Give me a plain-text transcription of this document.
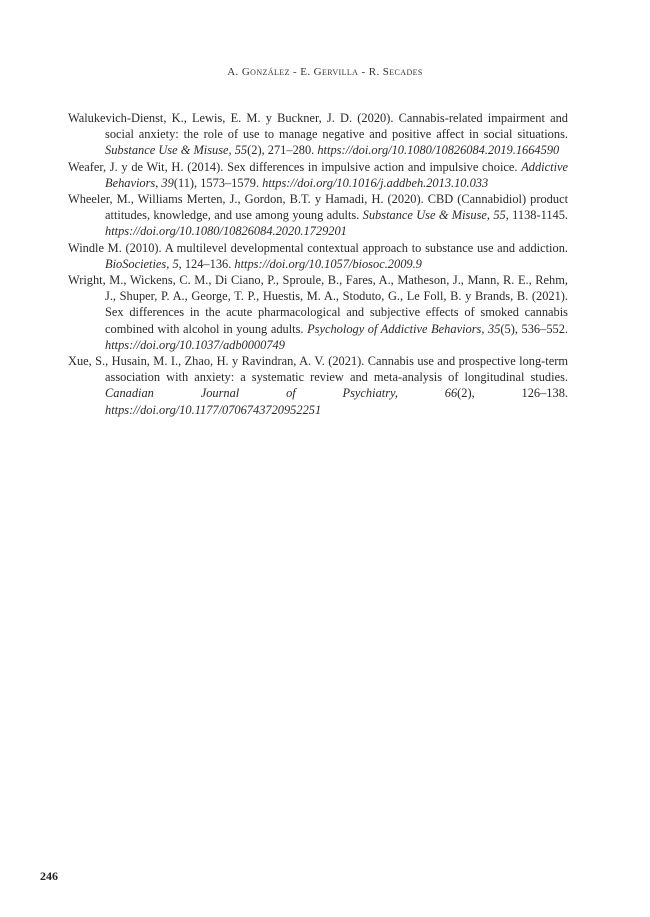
A. González - E. Gervilla - R. Secades

Walukevich-Dienst, K., Lewis, E. M. y Buckner, J. D. (2020). Cannabis-related impairment and social anxiety: the role of use to manage negative and positive affect in social situations. Substance Use & Misuse, 55(2), 271–280. https://doi.org/10.1080/10826084.2019.1664590

Weafer, J. y de Wit, H. (2014). Sex differences in impulsive action and impulsive choice. Addictive Behaviors, 39(11), 1573–1579. https://doi.org/10.1016/j.addbeh.2013.10.033

Wheeler, M., Williams Merten, J., Gordon, B.T. y Hamadi, H. (2020). CBD (Cannabidiol) product attitudes, knowledge, and use among young adults. Substance Use & Misuse, 55, 1138-1145. https://doi.org/10.1080/10826084.2020.1729201

Windle M. (2010). A multilevel developmental contextual approach to substance use and addiction. BioSocieties, 5, 124–136. https://doi.org/10.1057/biosoc.2009.9

Wright, M., Wickens, C. M., Di Ciano, P., Sproule, B., Fares, A., Matheson, J., Mann, R. E., Rehm, J., Shuper, P. A., George, T. P., Huestis, M. A., Stoduto, G., Le Foll, B. y Brands, B. (2021). Sex differences in the acute pharmacological and subjective effects of smoked cannabis combined with alcohol in young adults. Psychology of Addictive Behaviors, 35(5), 536–552. https://doi.org/10.1037/adb0000749

Xue, S., Husain, M. I., Zhao, H. y Ravindran, A. V. (2021). Cannabis use and prospective long-term association with anxiety: a systematic review and meta-analysis of longitudinal studies. Canadian Journal of Psychiatry, 66(2), 126–138. https://doi.org/10.1177/0706743720952251

246
